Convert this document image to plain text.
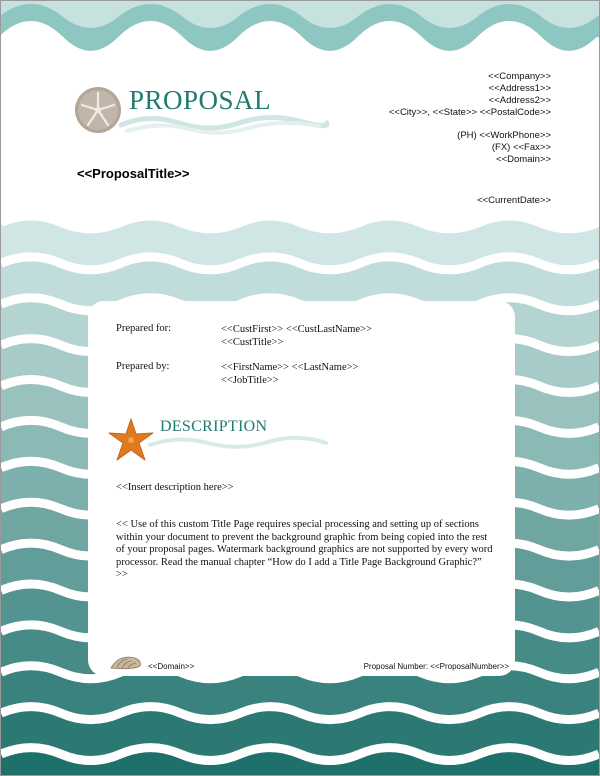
PROPOSAL
<<Company>>
<<Address1>>
<<Address2>>
<<City>>, <<State>> <<PostalCode>>
(PH) <<WorkPhone>>
(FX) <<Fax>>
<<Domain>>
<<ProposalTitle>>
<<CurrentDate>>
Prepared for:	<<CustFirst>> <<CustLastName>>
<<CustTitle>>
Prepared by:	<<FirstName>> <<LastName>>
<<JobTitle>>
DESCRIPTION
<<Insert description here>>
<< Use of this custom Title Page requires special processing and setting up of sections within your document to prevent the background graphic from being copied into the rest of your proposal pages. Watermark background graphics are not supported by every word processor. Read the manual chapter “How do I add a Title Page Background Graphic?” >>
<<Domain>>	Proposal Number: <<ProposalNumber>>
